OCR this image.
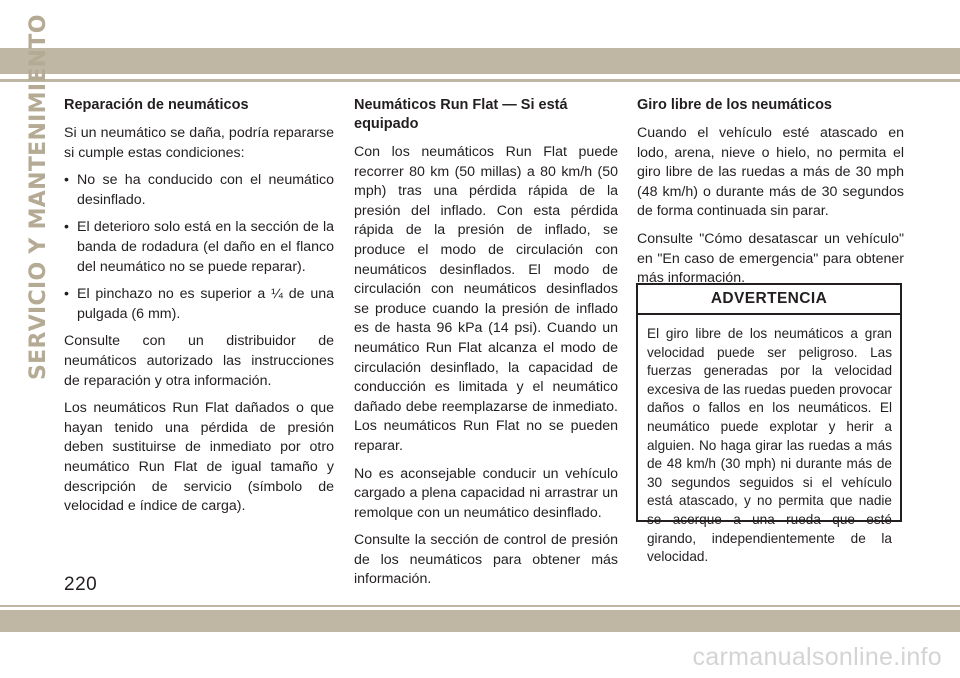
SERVICIO Y MANTENIMIENTO Reparación de neumáticos

Si un neumático se daña, podría repararse si cumple estas condiciones:

• No se ha conducido con el neumático desinflado.
• El deterioro solo está en la sección de la banda de rodadura (el daño en el flanco del neumático no se puede reparar).
• El pinchazo no es superior a ¼ de una pulgada (6 mm).

Consulte con un distribuidor de neumáticos autorizado las instrucciones de reparación y otra información.

Los neumáticos Run Flat dañados o que hayan tenido una pérdida de presión deben sustituirse de inmediato por otro neumático Run Flat de igual tamaño y descripción de servicio (símbolo de velocidad e índice de carga).

Neumáticos Run Flat — Si está equipado

Con los neumáticos Run Flat puede recorrer 80 km (50 millas) a 80 km/h (50 mph) tras una pérdida rápida de la presión del inflado. Con esta pérdida rápida de la presión de inflado, se produce el modo de circulación con neumáticos desinflados. El modo de circulación con neumáticos desinflados se produce cuando la presión de inflado es de hasta 96 kPa (14 psi). Cuando un neumático Run Flat alcanza el modo de circulación desinflado, la capacidad de conducción es limitada y el neumático dañado debe reemplazarse de inmediato. Los neumáticos Run Flat no se pueden reparar.

No es aconsejable conducir un vehículo cargado a plena capacidad ni arrastrar un remolque con un neumático desinflado.

Consulte la sección de control de presión de los neumáticos para obtener más información.

Giro libre de los neumáticos

Cuando el vehículo esté atascado en lodo, arena, nieve o hielo, no permita el giro libre de las ruedas a más de 30 mph (48 km/h) o durante más de 30 segundos de forma continuada sin parar.

Consulte "Cómo desatascar un vehículo" en "En caso de emergencia" para obtener más información.

ADVERTENCIA
El giro libre de los neumáticos a gran velocidad puede ser peligroso. Las fuerzas generadas por la velocidad excesiva de las ruedas pueden provocar daños o fallos en los neumáticos. El neumático puede explotar y herir a alguien. No haga girar las ruedas a más de 48 km/h (30 mph) ni durante más de 30 segundos seguidos si el vehículo está atascado, y no permita que nadie se acerque a una rueda que esté girando, independientemente de la velocidad.
220
carmanualsonline.info
